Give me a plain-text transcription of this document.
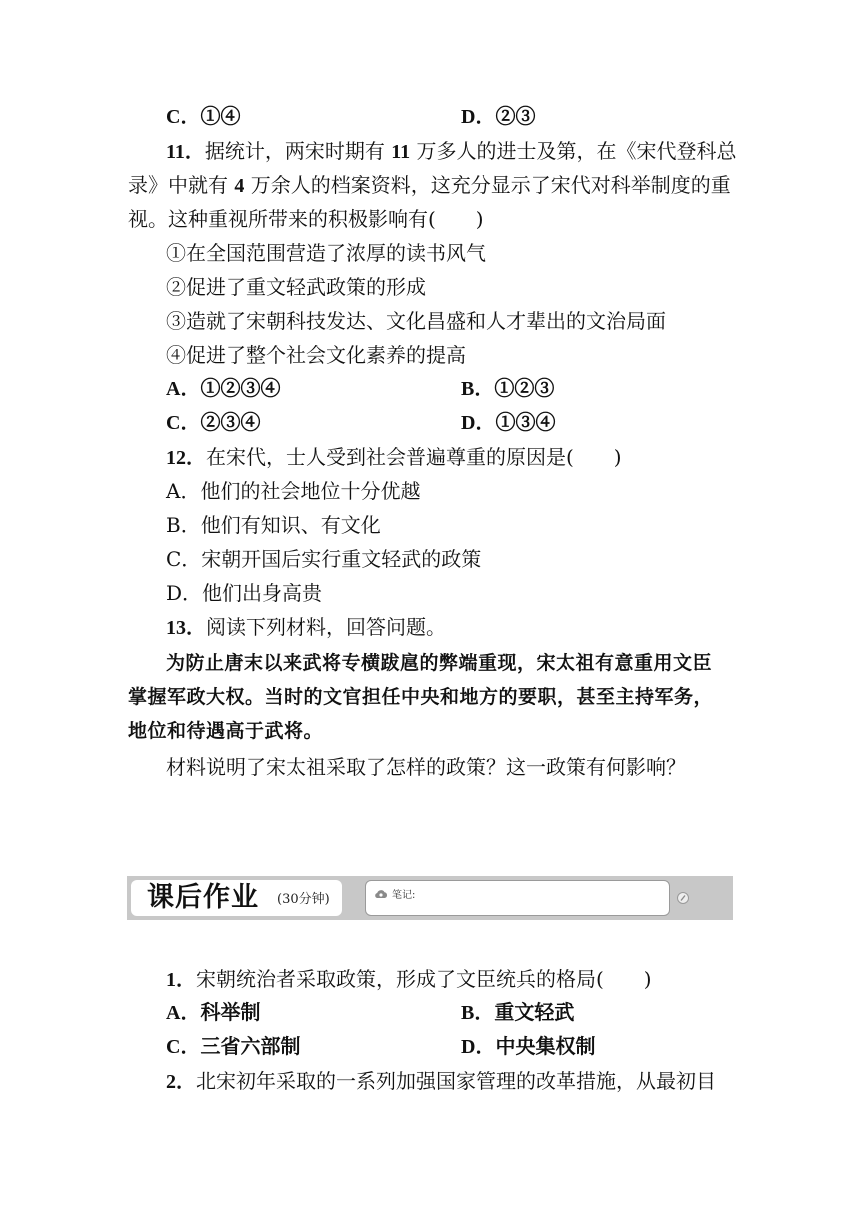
C．①④	D．②③
11．据统计，两宋时期有 11 万多人的进士及第，在《宋代登科总
录》中就有 4 万余人的档案资料，这充分显示了宋代对科举制度的重
视。这种重视所带来的积极影响有(　　)
①在全国范围营造了浓厚的读书风气
②促进了重文轻武政策的形成
③造就了宋朝科技发达、文化昌盛和人才辈出的文治局面
④促进了整个社会文化素养的提高
A．①②③④	B．①②③
C．②③④	D．①③④
12．在宋代，士人受到社会普遍尊重的原因是(　　)
A．他们的社会地位十分优越
B．他们有知识、有文化
C．宋朝开国后实行重文轻武的政策
D．他们出身高贵
13．阅读下列材料，回答问题。
为防止唐末以来武将专横跋扈的弊端重现，宋太祖有意重用文臣
掌握军政大权。当时的文官担任中央和地方的要职，甚至主持军务，
地位和待遇高于武将。
材料说明了宋太祖采取了怎样的政策？这一政策有何影响？
课后作业 (30分钟)	笔记:
1．宋朝统治者采取政策，形成了文臣统兵的格局(　　)
A．科举制	B．重文轻武
C．三省六部制	D．中央集权制
2．北宋初年采取的一系列加强国家管理的改革措施，从最初目
